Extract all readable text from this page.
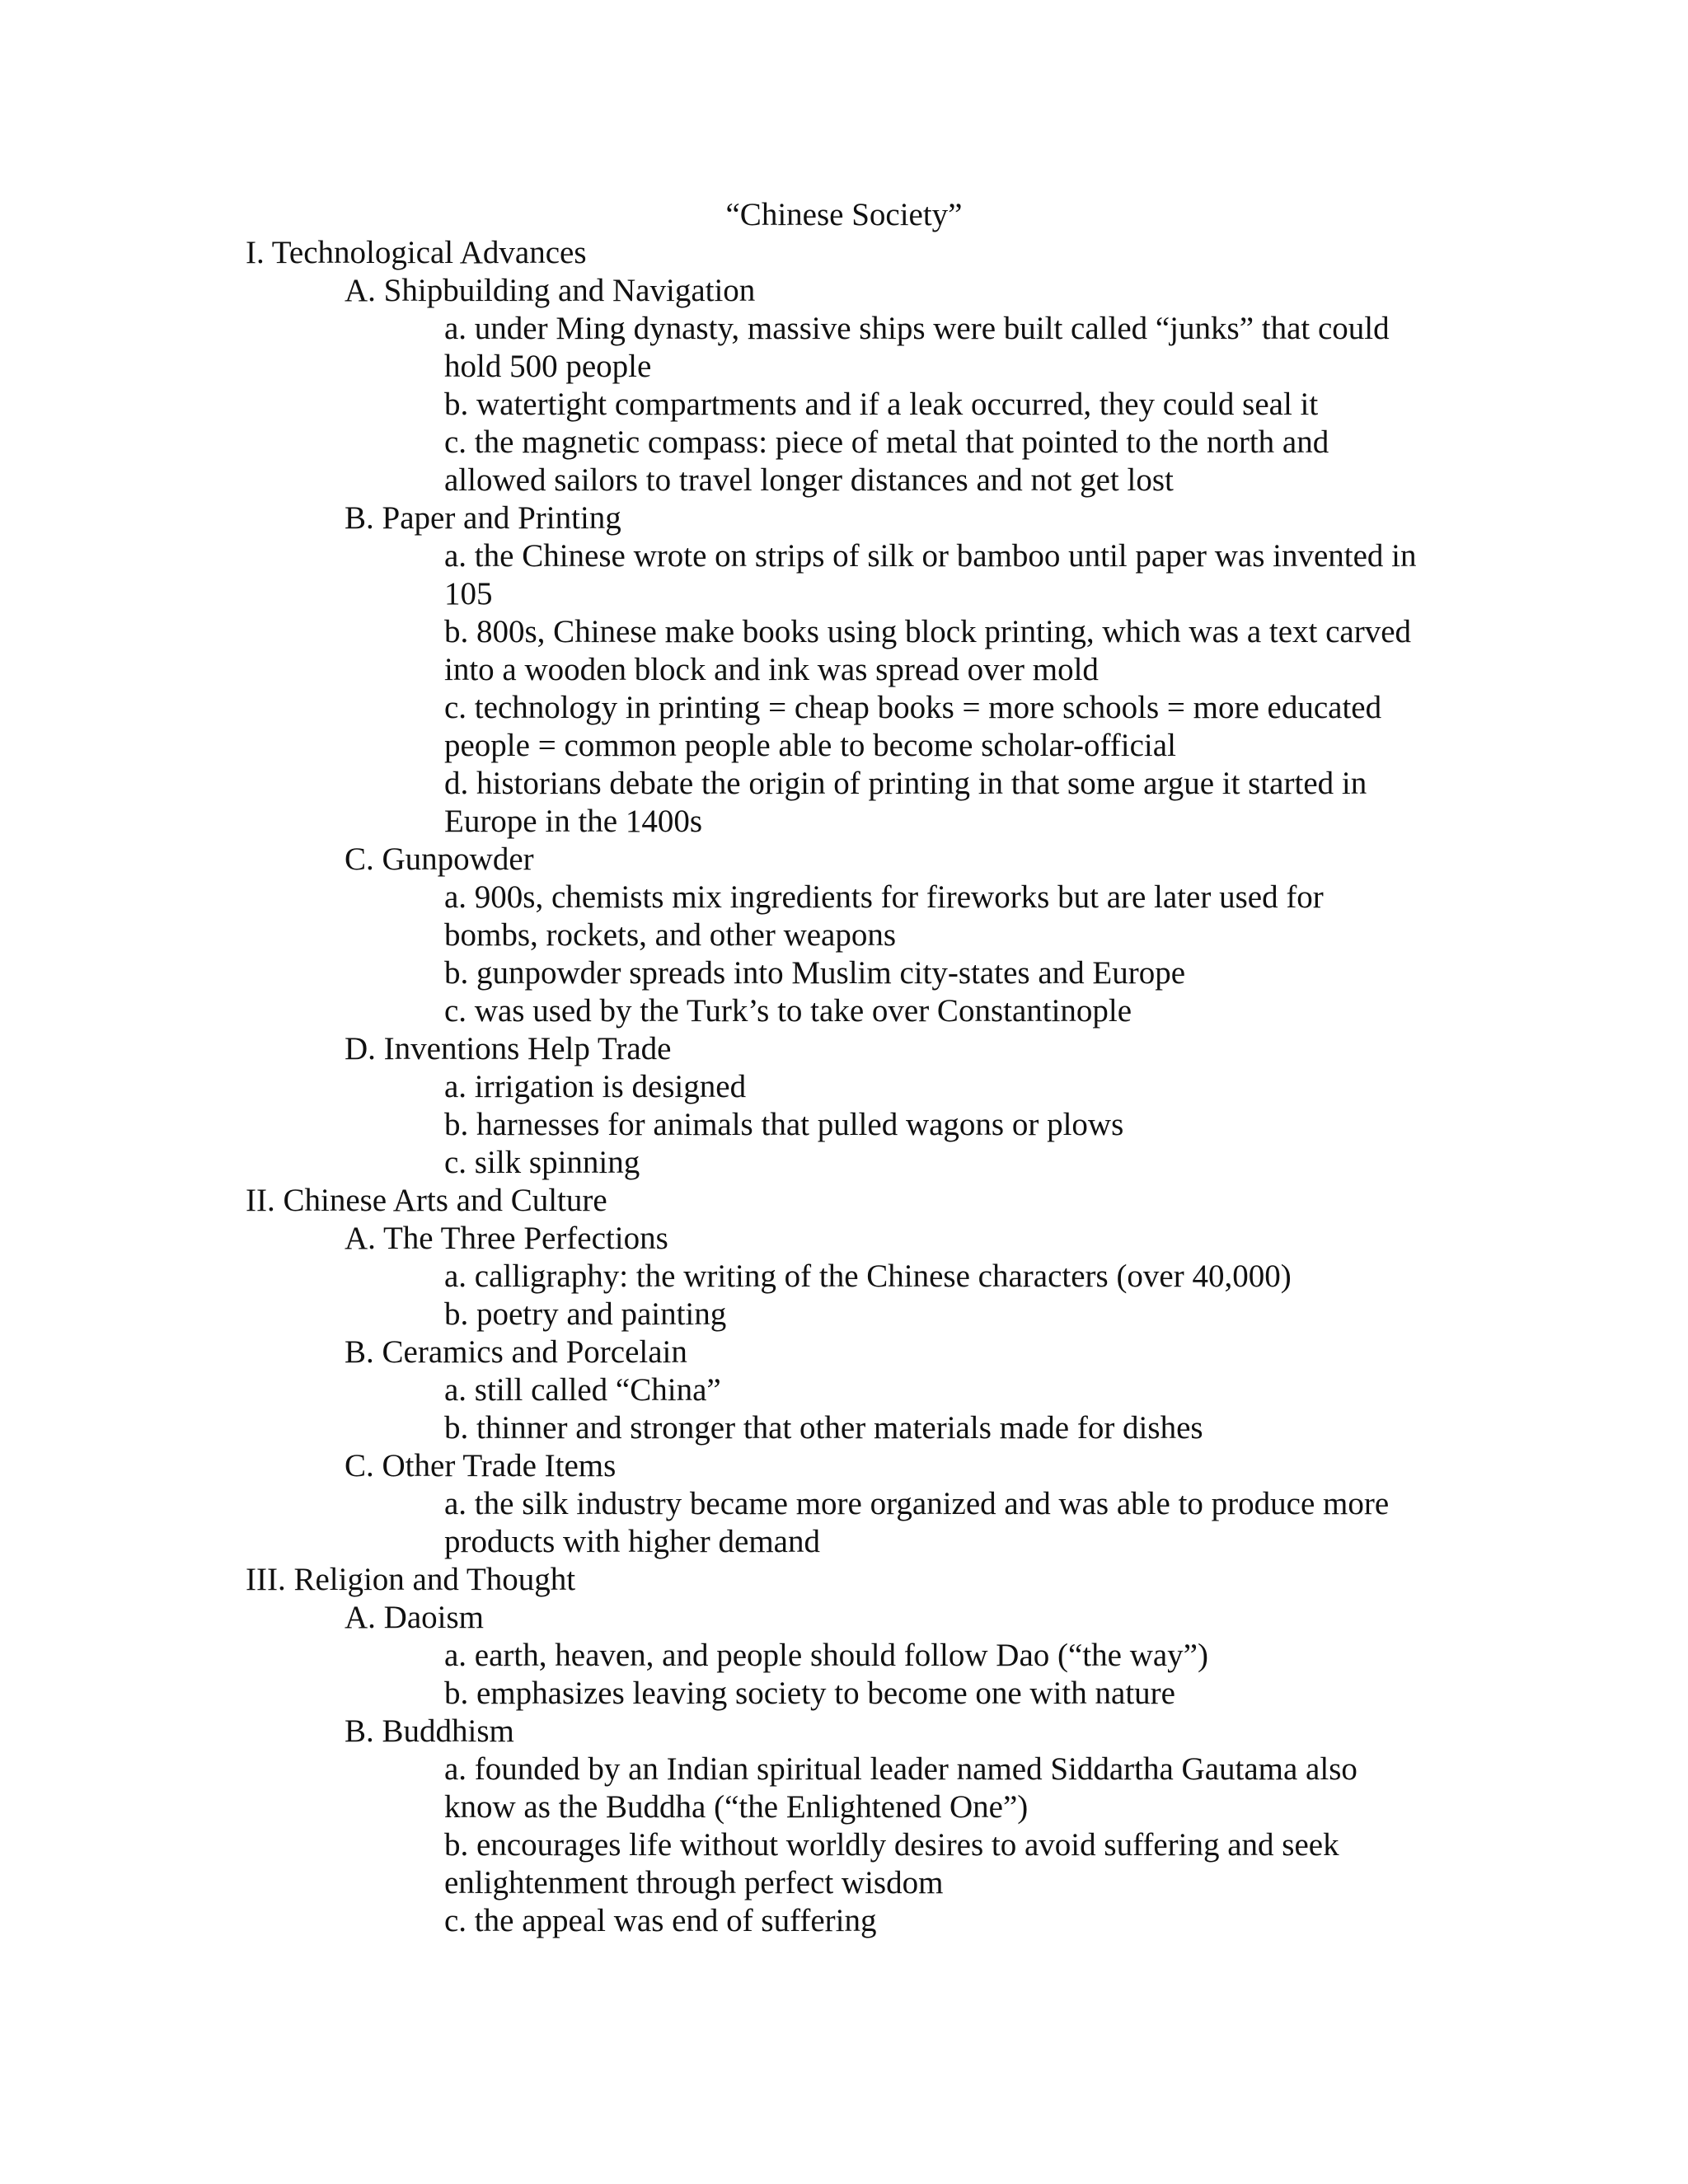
“Chinese Society”

I. Technological Advances

A. Shipbuilding and Navigation

a. under Ming dynasty, massive ships were built called “junks” that could hold 500 people

b. watertight compartments and if a leak occurred, they could seal it

c. the magnetic compass: piece of metal that pointed to the north and allowed sailors to travel longer distances and not get lost

B. Paper and Printing

a. the Chinese wrote on strips of silk or bamboo until paper was invented in 105

b. 800s, Chinese make books using block printing, which was a text carved into a wooden block and ink was spread over mold

c. technology in printing = cheap books = more schools = more educated people = common people able to become scholar-official

d. historians debate the origin of printing in that some argue it started in Europe in the 1400s

C. Gunpowder

a. 900s, chemists mix ingredients for fireworks but are later used for bombs, rockets, and other weapons

b. gunpowder spreads into Muslim city-states and Europe

c. was used by the Turk’s to take over Constantinople

D. Inventions Help Trade

a. irrigation is designed

b. harnesses for animals that pulled wagons or plows

c. silk spinning

II. Chinese Arts and Culture

A. The Three Perfections

a. calligraphy: the writing of the Chinese characters (over 40,000)

b. poetry and painting

B. Ceramics and Porcelain

a. still called “China”

b. thinner and stronger that other materials made for dishes

C. Other Trade Items

a. the silk industry became more organized and was able to produce more products with higher demand

III. Religion and Thought

A. Daoism

a. earth, heaven, and people should follow Dao (“the way”)

b. emphasizes leaving society to become one with nature

B. Buddhism

a. founded by an Indian spiritual leader named Siddartha Gautama also know as the Buddha (“the Enlightened One”)

b. encourages life without worldly desires to avoid suffering and seek enlightenment through perfect wisdom

c. the appeal was end of suffering
